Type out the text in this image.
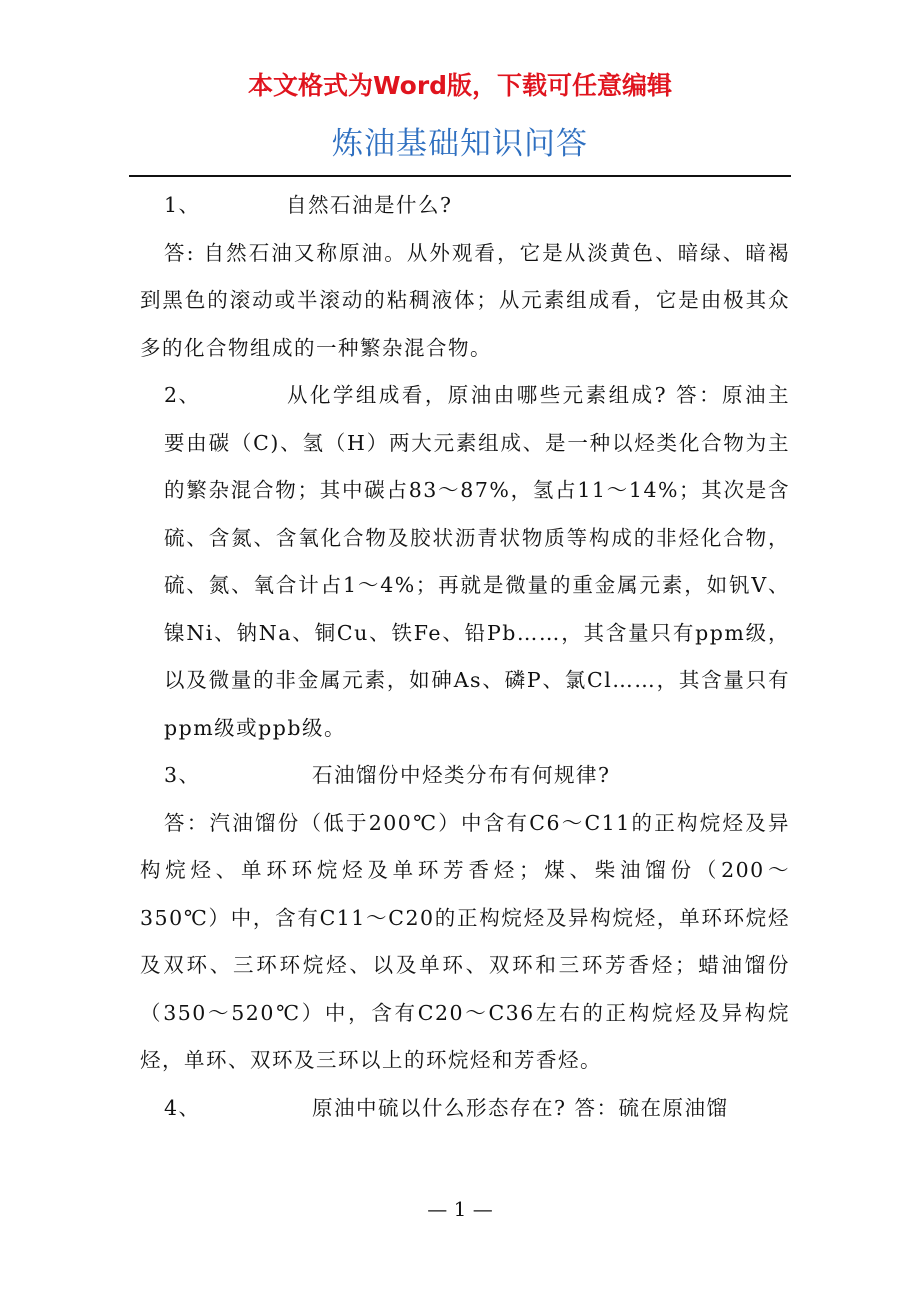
本文格式为Word版，下载可任意编辑
炼油基础知识问答

1、	自然石油是什么?

答: 自然石油又称原油。从外观看，它是从淡黄色、暗绿、暗褐到黑色的滚动或半滚动的粘稠液体；从元素组成看，它是由极其众多的化合物组成的一种繁杂混合物。

2、	从化学组成看，原油由哪些元素组成? 答：原油主要由碳（C)、氢（H）两大元素组成、是一种以烃类化合物为主的繁杂混合物；其中碳占83～87%，氢占11～14%；其次是含硫、含氮、含氧化合物及胶状沥青状物质等构成的非烃化合物，硫、氮、氧合计占1～4%；再就是微量的重金属元素，如钒V、镍Ni、钠Na、铜Cu、铁Fe、铅Pb……，其含量只有ppm级，以及微量的非金属元素，如砷As、磷P、氯Cl……，其含量只有ppm级或ppb级。

3、	石油馏份中烃类分布有何规律?

答：汽油馏份（低于200℃）中含有C6～C11的正构烷烃及异构烷烃、单环环烷烃及单环芳香烃；煤、柴油馏份（200～350℃）中，含有C11～C20的正构烷烃及异构烷烃，单环环烷烃及双环、三环环烷烃、以及单环、双环和三环芳香烃；蜡油馏份（350～520℃）中，含有C20～C36左右的正构烷烃及异构烷烃，单环、双环及三环以上的环烷烃和芳香烃。

4、	原油中硫以什么形态存在? 答：硫在原油馏

— 1 —
